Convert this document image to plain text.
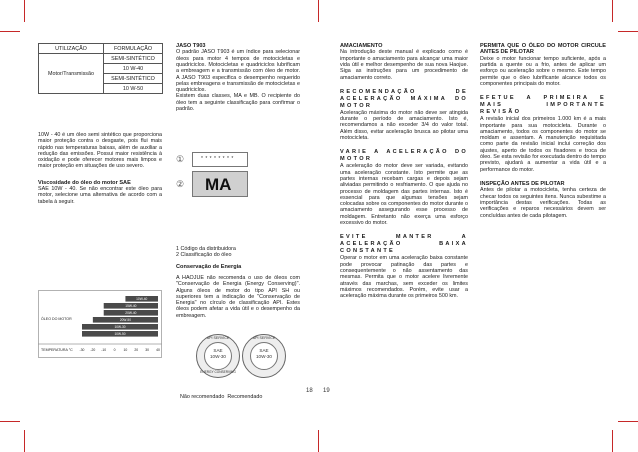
UTILIZAÇÃO	FORMULAÇÃO
Motor/Transmissão	SEMI-SINTÉTICO
	10 W-40
	SEMI-SINTÉTICO
	10 W-50

10W - 40 é um óleo semi sintético que proporciona maior proteção contra o desgaste, pois flui mais rápido nas temperaturas baixas, além de auxiliar a redução das emissões. Possui maior resistência à oxidação e pode oferecer motores mais limpos e maior proteção em situações de uso severo.

Viscosidade do óleo do motor SAE

SAE 10W - 40. Se não encontrar este óleo para motor, selecione uma alternativa de acordo com a tabela à seguir.

ÓLEO DO MOTOR
10W-40
15W-40
20W-40
20W-50
10W-30
10W-50
TEMPERATURA °C -30 -20 -10 0 10 20 30 40

JASO T903

O padrão JASO T903 é um índice para selecionar óleos para motor 4 tempos de motocicletas e quadriciclos. Motocicletas e quadriciclos lubrificam a embreagem e a transmissão com óleo de motor. A JASO T903 especifica o desempenho requerido pelas embreagens e transmissão de motocicletas e quadriciclos.

Existem duas classes, MA e MB. O recipiente do óleo tem a seguinte classificação para confirmar o padrão.

①	* * * * * * * *
② MA

1 Código da distribuidora

2 Classificação do óleo

Conservação de Energia

A HAOJUE não recomenda o uso de óleos com "Conservação de Energia (Energy Conserving)". Alguns óleos de motor do tipo API SH ou superiores tem a indicação de "Conservação de Energia" no círculo de classificação API. Estes óleos podem afetar a vida útil e o desempenho da embreagem.

API SERVICE
SAE
10W-30
ENERGY CONSERVING
API SERVICE
SAE
10W-30
Não recomendado  Recomendado

AMACIAMENTO

Na introdução deste manual é explicado como é importante o amaciamento para alcançar uma maior vida útil e melhor desempenho de sua nova Haojue. Siga as instruções para um procedimento de amaciamento correto.

RECOMENDAÇÃO DE ACELERAÇÃO MÁXIMA DO MOTOR

Aceleração máxima do motor não deve ser atingida durante o período de amaciamento. Isto é, recomendamos a não exceder 3/4 do valor total. Além disso, evitar aceleração brusca ao pilotar uma motocicleta.

VARIE A ACELERAÇÃO DO MOTOR

A aceleração do motor deve ser variada, evitando uma aceleração constante. Isto permite que as partes internas recebam cargas e depois sejam aliviadas permitindo o resfriamento. O que ajuda no processo de moldagem das partes internas. Isto é essencial para que algumas tensões sejam colocadas sobre os componentes do motor durante o amaciamento assegurando esse processo de moldagem. Entretanto não exerça uma esforço excessivo do motor.

EVITE MANTER A ACELERAÇÃO BAIXA CONSTANTE

Operar o motor em uma aceleração baixa constante pode provocar patinação das partes e consequentemente o não assentamento das mesmas. Permita que o motor acelere livremente através das marchas, sem exceder os limites máximos recomendados. Porém, evite usar a aceleração máxima durante os primeiros 500 km.

PERMITA QUE O ÓLEO DO MOTOR CIRCULE ANTES DE PILOTAR

Deixe o motor funcionar tempo suficiente, após a partida a quente ou a frio, antes de aplicar um esforço ou aceleração sobre o mesmo. Este tempo permite que o óleo lubrificante alcance todos os componentes principais do motor.

EFETUE A PRIMEIRA E MAIS IMPORTANTE REVISÃO

A revisão inicial dos primeiros 1.000 km é a mais importante para sua motocicleta. Durante o amaciamento, todos os componentes do motor se moldam e assentam. A manutenção requisitada como parte da revisão inicial inclui correção dos ajustes, aperto de todos os fixadores e troca de óleo. Se esta revisão for executada dentro do tempo previsto, ajudará a aumentar a vida útil e a performance do motor.

INSPEÇÃO ANTES DE PILOTAR

Antes de pilotar a motocicleta, tenha certeza de checar todos os seguintes itens. Nunca subestime a importância destas verificações. Todas as verificações e reparos necessários devem ser concluídas antes de cada pilotagem.

18 19
